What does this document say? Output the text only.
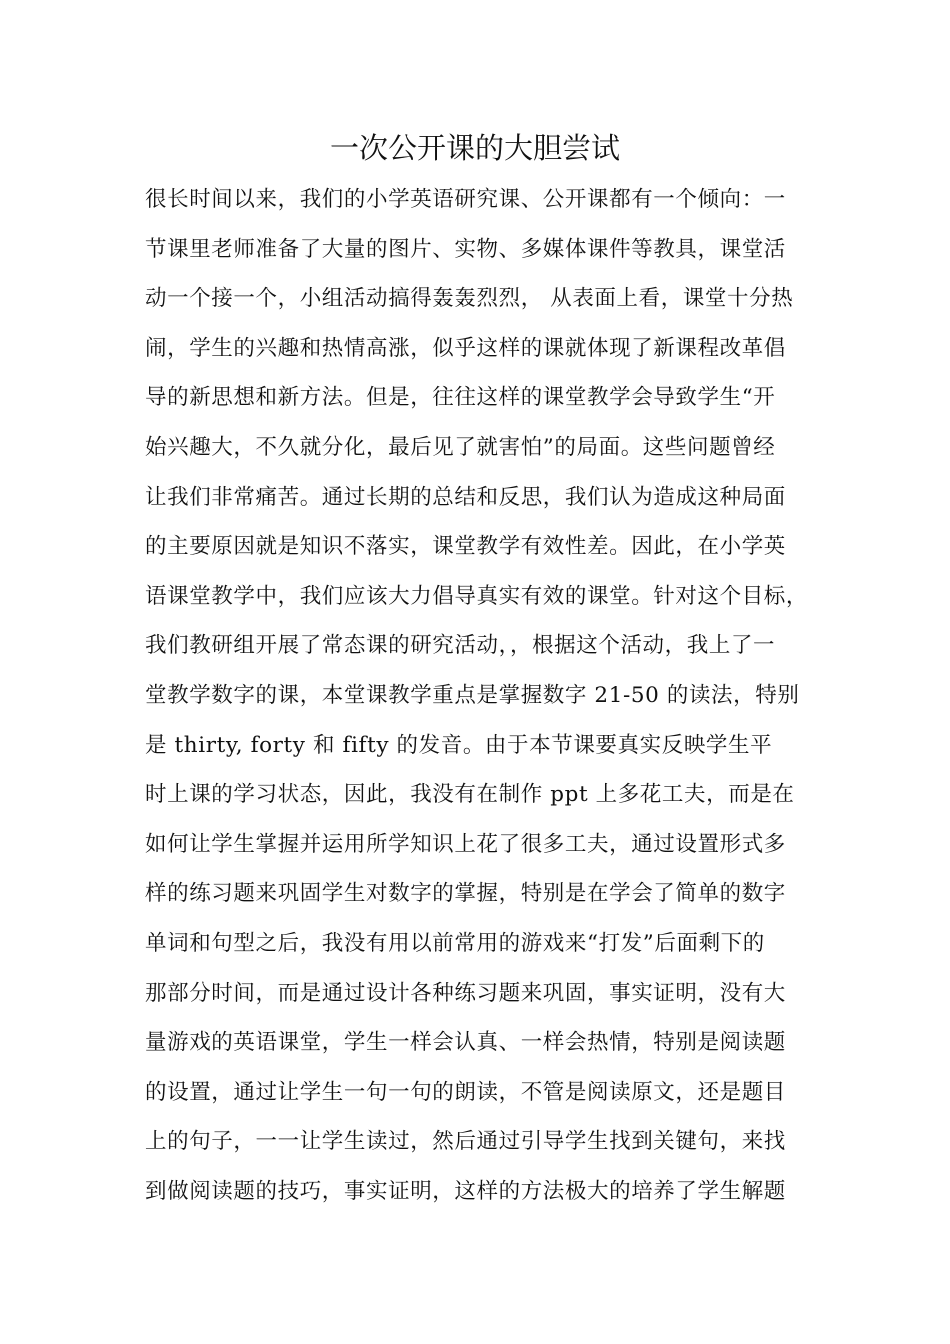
一次公开课的大胆尝试
很长时间以来，我们的小学英语研究课、公开课都有一个倾向：一
节课里老师准备了大量的图片、实物、多媒体课件等教具，课堂活
动一个接一个，小组活动搞得轰轰烈烈， 从表面上看，课堂十分热
闹，学生的兴趣和热情高涨，似乎这样的课就体现了新课程改革倡
导的新思想和新方法。但是，往往这样的课堂教学会导致学生“开
始兴趣大，不久就分化，最后见了就害怕”的局面。这些问题曾经
让我们非常痛苦。通过长期的总结和反思，我们认为造成这种局面
的主要原因就是知识不落实，课堂教学有效性差。因此，在小学英
语课堂教学中，我们应该大力倡导真实有效的课堂。针对这个目标，
我们教研组开展了常态课的研究活动，，根据这个活动，我上了一
堂教学数字的课，本堂课教学重点是掌握数字 21-50 的读法，特别
是 thirty, forty 和 fifty 的发音。由于本节课要真实反映学生平
时上课的学习状态，因此，我没有在制作 ppt 上多花工夫，而是在
如何让学生掌握并运用所学知识上花了很多工夫，通过设置形式多
样的练习题来巩固学生对数字的掌握，特别是在学会了简单的数字
单词和句型之后，我没有用以前常用的游戏来“打发”后面剩下的
那部分时间，而是通过设计各种练习题来巩固，事实证明，没有大
量游戏的英语课堂，学生一样会认真、一样会热情，特别是阅读题
的设置，通过让学生一句一句的朗读，不管是阅读原文，还是题目
上的句子，一一让学生读过，然后通过引导学生找到关键句，来找
到做阅读题的技巧，事实证明，这样的方法极大的培养了学生解题
